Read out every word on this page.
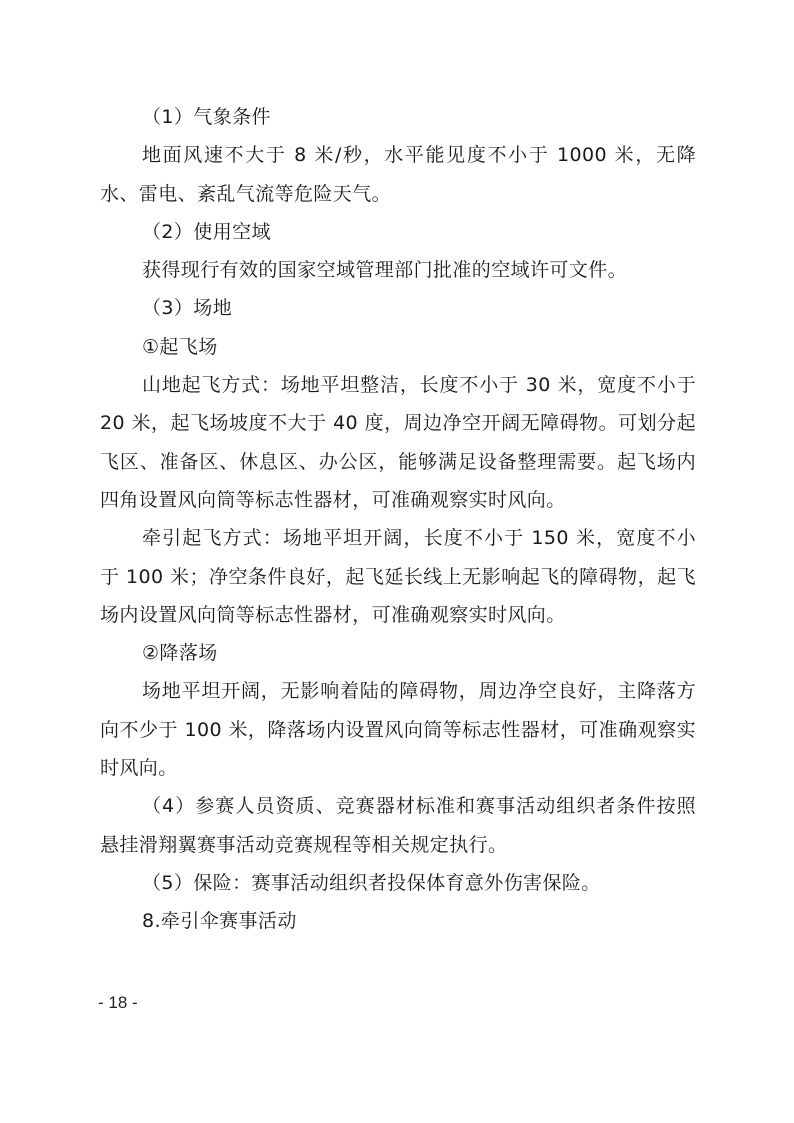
（1）气象条件

地面风速不大于 8 米/秒，水平能见度不小于 1000 米，无降水、雷电、紊乱气流等危险天气。

（2）使用空域

获得现行有效的国家空域管理部门批准的空域许可文件。

（3）场地

①起飞场

山地起飞方式：场地平坦整洁，长度不小于 30 米，宽度不小于 20 米，起飞场坡度不大于 40 度，周边净空开阔无障碍物。可划分起飞区、准备区、休息区、办公区，能够满足设备整理需要。起飞场内四角设置风向筒等标志性器材，可准确观察实时风向。

牵引起飞方式：场地平坦开阔，长度不小于 150 米，宽度不小于 100 米；净空条件良好，起飞延长线上无影响起飞的障碍物，起飞场内设置风向筒等标志性器材，可准确观察实时风向。

②降落场

场地平坦开阔，无影响着陆的障碍物，周边净空良好，主降落方向不少于 100 米，降落场内设置风向筒等标志性器材，可准确观察实时风向。

（4）参赛人员资质、竞赛器材标准和赛事活动组织者条件按照悬挂滑翔翼赛事活动竞赛规程等相关规定执行。

（5）保险：赛事活动组织者投保体育意外伤害保险。

8.牵引伞赛事活动

- 18 -
